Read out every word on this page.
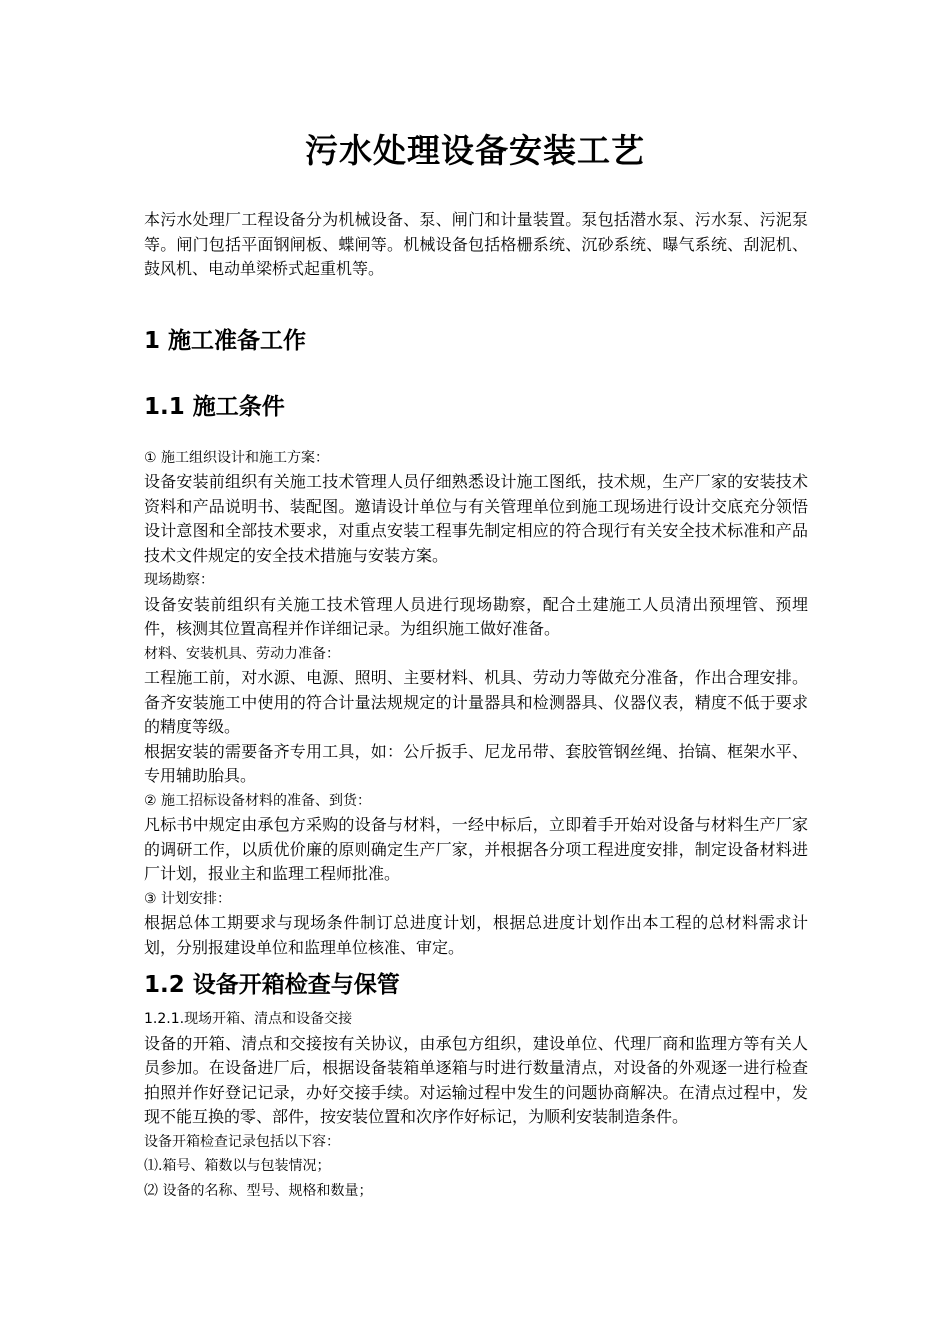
污水处理设备安装工艺

本污水处理厂工程设备分为机械设备、泵、闸门和计量装置。泵包括潜水泵、污水泵、污泥泵等。闸门包括平面钢闸板、蝶闸等。机械设备包括格栅系统、沉砂系统、曝气系统、刮泥机、鼓风机、电动单梁桥式起重机等。

1 施工准备工作
1.1 施工条件

① 施工组织设计和施工方案：

设备安装前组织有关施工技术管理人员仔细熟悉设计施工图纸，技术规，生产厂家的安装技术资料和产品说明书、装配图。邀请设计单位与有关管理单位到施工现场进行设计交底充分领悟设计意图和全部技术要求，对重点安装工程事先制定相应的符合现行有关安全技术标准和产品技术文件规定的安全技术措施与安装方案。

现场勘察：

设备安装前组织有关施工技术管理人员进行现场勘察，配合土建施工人员清出预埋管、预埋件，核测其位置高程并作详细记录。为组织施工做好准备。

材料、安装机具、劳动力准备：

工程施工前，对水源、电源、照明、主要材料、机具、劳动力等做充分准备，作出合理安排。备齐安装施工中使用的符合计量法规规定的计量器具和检测器具、仪器仪表，精度不低于要求的精度等级。

根据安装的需要备齐专用工具，如：公斤扳手、尼龙吊带、套胶管钢丝绳、抬镐、框架水平、专用辅助胎具。

② 施工招标设备材料的准备、到货：

凡标书中规定由承包方采购的设备与材料，一经中标后，立即着手开始对设备与材料生产厂家的调研工作，以质优价廉的原则确定生产厂家，并根据各分项工程进度安排，制定设备材料进厂计划，报业主和监理工程师批准。

③ 计划安排：

根据总体工期要求与现场条件制订总进度计划，根据总进度计划作出本工程的总材料需求计划，分别报建设单位和监理单位核准、审定。

1.2 设备开箱检查与保管

1.2.1.现场开箱、清点和设备交接

设备的开箱、清点和交接按有关协议，由承包方组织，建设单位、代理厂商和监理方等有关人员参加。在设备进厂后，根据设备装箱单逐箱与时进行数量清点，对设备的外观逐一进行检查拍照并作好登记记录，办好交接手续。对运输过程中发生的问题协商解决。在清点过程中，发现不能互换的零、部件，按安装位置和次序作好标记，为顺利安装制造条件。

设备开箱检查记录包括以下容：

⑴.箱号、箱数以与包装情况；

⑵ 设备的名称、型号、规格和数量；
